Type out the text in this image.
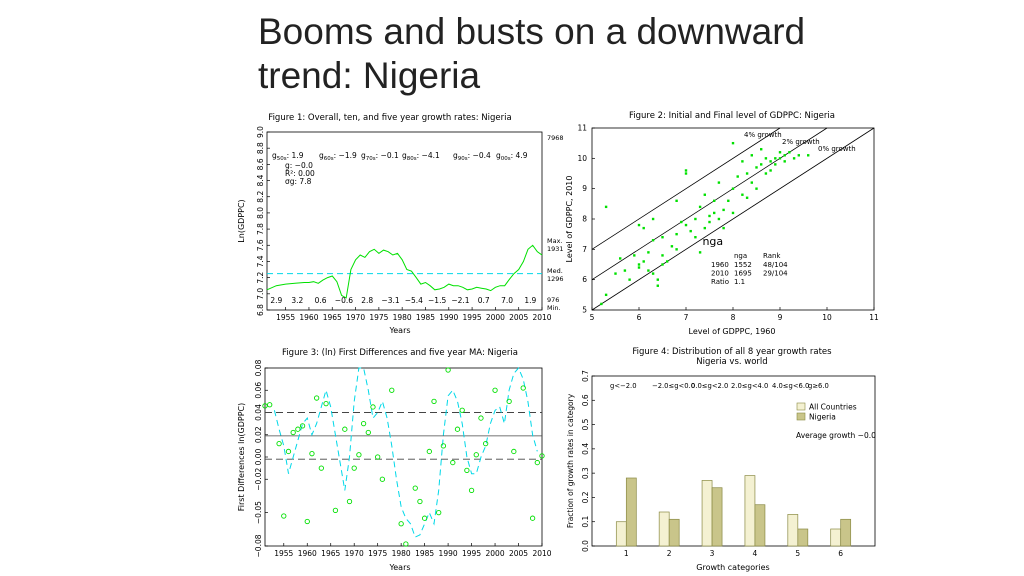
Booms and busts on a downward
trend: Nigeria
Figure 1: Overall, ten, and five year growth rates: Nigeria
1955 1960 1965 1970 1975 1980 1985 1990 1995 2000 2005 2010
6.8
7.0
7.2
7.4
7.6
7.8
8.0
8.2
8.4
8.6
8.8
9.0
$g_{50s}$: 1.9 $g_{60s}$: −1.9 $g_{70s}$: −0.1 $g_{80s}$: −4.1 $g_{90s}$: −0.4 $g_{00s}$: 4.9
g: −0.0
R²: 0.00
σg: 7.8
2.9 3.2 0.6 −0.6 2.8 −3.1 −5.4 −1.5 −2.1 0.7 7.0 1.9
7968
Max.
1931
Med.
1296
976
Min.
Years
Ln(GDPPC)
Figure 2: Initial and Final level of GDPPC: Nigeria
5	6	7	8	9	10	11
5
6
7
8
9
10
11
4% growth
2% growth
0% growth
nga
nga Rank
1960 1552 48/104
2010 1695 29/104
Ratio 1.1
Level of GDPPC, 1960
Level of GDPPC, 2010
Figure 3: (ln) First Differences and five year MA: Nigeria
1955 1960 1965 1970 1975 1980 1985 1990 1995 2000 2005 2010
−0.08
−0.05
−0.02
0.00
0.02
0.04
0.06
0.08
Years
First Differences ln(GDPPC)
Figure 4: Distribution of all 8 year growth rates
Nigeria vs. world
0.0
0.1
0.2
0.3
0.4
0.5
0.6
0.7
1	2	3	4	5	6
g<−2.0 −2.0≤g<0.0
0.0≤g<2.0 2.0≤g<4.0 4.0≤g<6.0
g≥6.0
All Countries
Nigeria
Average growth −0.0
Growth categories
Fraction of growth rates in category
